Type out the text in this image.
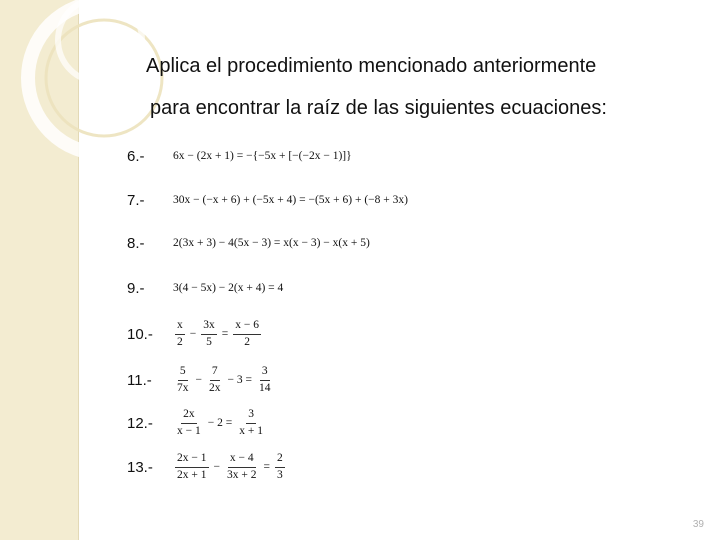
Aplica el procedimiento mencionado anteriormente
para encontrar la raíz de las siguientes ecuaciones:
6.-	6x − (2x + 1) = −{−5x + [−(−2x − 1)]}
7.-	30x − (−x + 6) + (−5x + 4) = −(5x + 6) + (−8 + 3x)
8.-	2(3x + 3) − 4(5x − 3) = x(x − 3) − x(x + 5)
9.-	3(4 − 5x) − 2(x + 4) = 4
10.-	$\frac{x}{2} - \frac{3x}{5} = \frac{x - 6}{2}$
11.-	$\frac{5}{7x} - \frac{7}{2x} - 3 = \frac{3}{14}$
12.-	$\frac{2x}{x - 1} - 2 = \frac{3}{x + 1}$
13.-	$\frac{2x - 1}{2x + 1} - \frac{x - 4}{3x + 2} = \frac{2}{3}$
39
